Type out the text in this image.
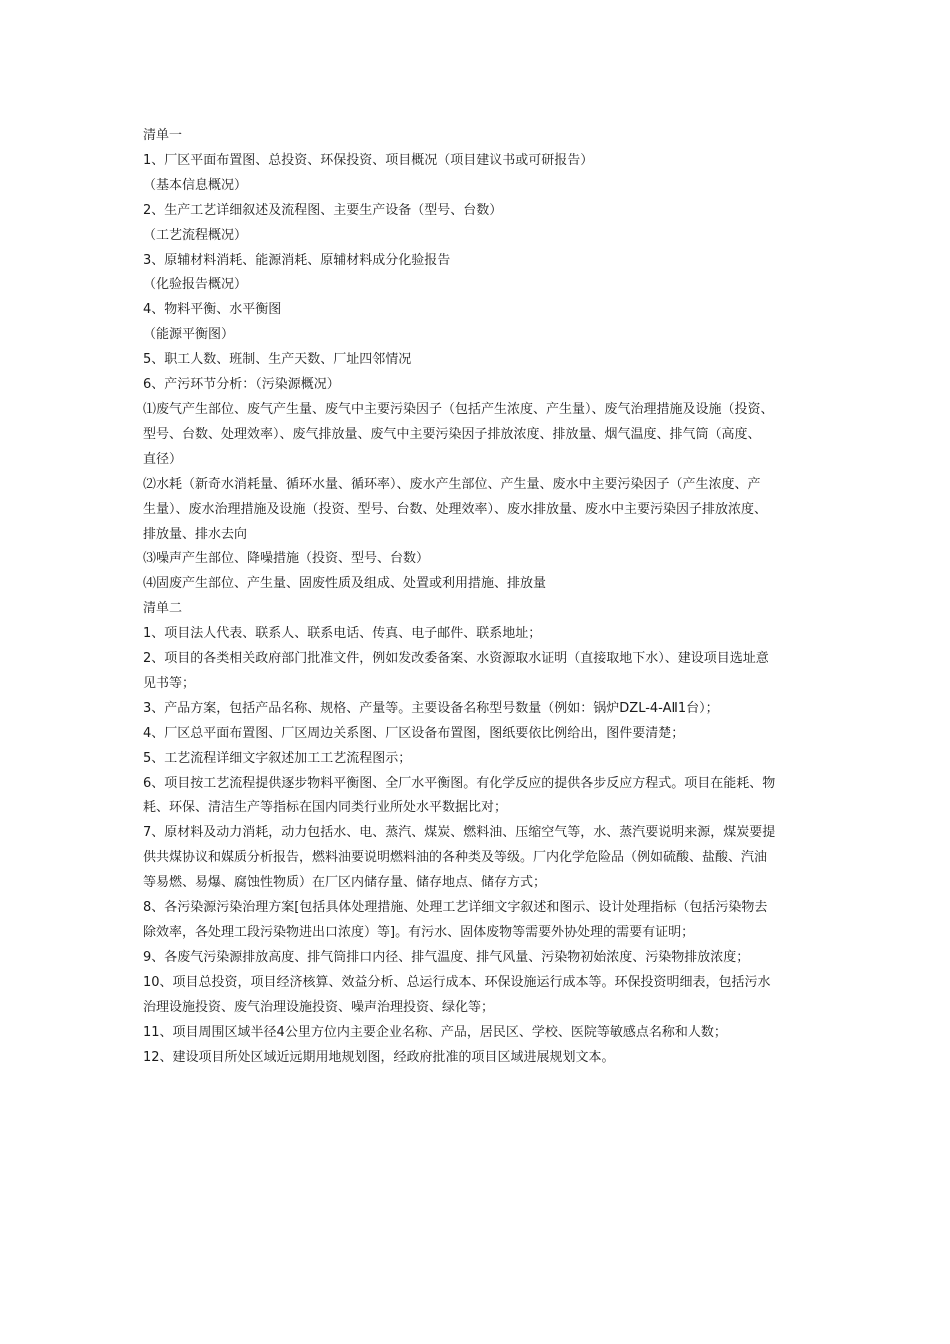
清单一
1、厂区平面布置图、总投资、环保投资、项目概况（项目建议书或可研报告）
（基本信息概况）
2、生产工艺详细叙述及流程图、主要生产设备（型号、台数）
（工艺流程概况）
3、原辅材料消耗、能源消耗、原辅材料成分化验报告
（化验报告概况）
4、物料平衡、水平衡图
（能源平衡图）
5、职工人数、班制、生产天数、厂址四邻情况
6、产污环节分析：（污染源概况）
⑴废气产生部位、废气产生量、废气中主要污染因子（包括产生浓度、产生量）、废气治理措施及设施（投资、
型号、台数、处理效率）、废气排放量、废气中主要污染因子排放浓度、排放量、烟气温度、排气筒（高度、
直径）
⑵水耗（新奇水消耗量、循环水量、循环率）、废水产生部位、产生量、废水中主要污染因子（产生浓度、产
生量）、废水治理措施及设施（投资、型号、台数、处理效率）、废水排放量、废水中主要污染因子排放浓度、
排放量、排水去向
⑶噪声产生部位、降噪措施（投资、型号、台数）
⑷固废产生部位、产生量、固废性质及组成、处置或利用措施、排放量
清单二
1、项目法人代表、联系人、联系电话、传真、电子邮件、联系地址；
2、项目的各类相关政府部门批准文件，例如发改委备案、水资源取水证明（直接取地下水）、建设项目选址意
见书等；
3、产品方案，包括产品名称、规格、产量等。主要设备名称型号数量（例如：锅炉DZL-4-AⅡ1台）；
4、厂区总平面布置图、厂区周边关系图、厂区设备布置图，图纸要依比例给出，图件要清楚；
5、工艺流程详细文字叙述加工工艺流程图示；
6、项目按工艺流程提供逐步物料平衡图、全厂水平衡图。有化学反应的提供各步反应方程式。项目在能耗、物
耗、环保、清洁生产等指标在国内同类行业所处水平数据比对；
7、原材料及动力消耗，动力包括水、电、蒸汽、煤炭、燃料油、压缩空气等，水、蒸汽要说明来源，煤炭要提
供共煤协议和媒质分析报告，燃料油要说明燃料油的各种类及等级。厂内化学危险品（例如硫酸、盐酸、汽油
等易燃、易爆、腐蚀性物质）在厂区内储存量、储存地点、储存方式；
8、各污染源污染治理方案[包括具体处理措施、处理工艺详细文字叙述和图示、设计处理指标（包括污染物去
除效率，各处理工段污染物进出口浓度）等]。有污水、固体废物等需要外协处理的需要有证明；
9、各废气污染源排放高度、排气筒排口内径、排气温度、排气风量、污染物初始浓度、污染物排放浓度；
10、项目总投资，项目经济核算、效益分析、总运行成本、环保设施运行成本等。环保投资明细表，包括污水
治理设施投资、废气治理设施投资、噪声治理投资、绿化等；
11、项目周围区域半径4公里方位内主要企业名称、产品，居民区、学校、医院等敏感点名称和人数；
12、建设项目所处区域近远期用地规划图，经政府批准的项目区域进展规划文本。
